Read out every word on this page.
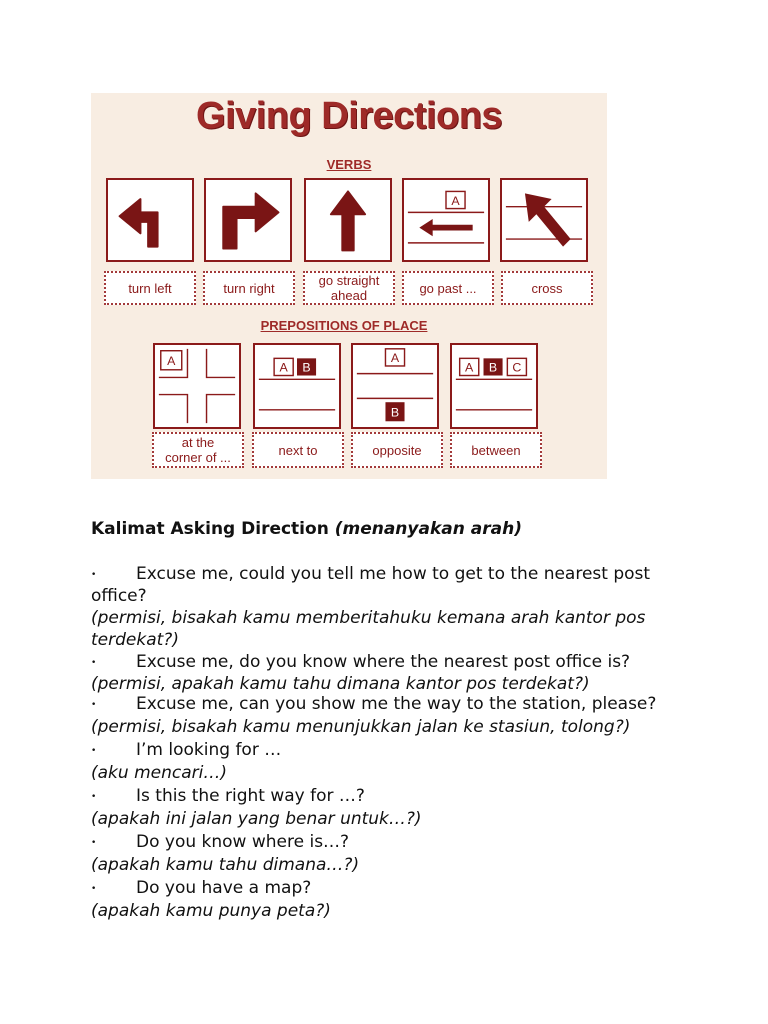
Giving Directions
VERBS
A
turn left	turn right	go straight
ahead	go past ...	cross
PREPOSITIONS OF PLACE
A	A B
A
B
A B C
at the
corner of ...	next to	opposite	between
Kalimat Asking Direction (menanyakan arah)
•	Excuse me, could you tell me how to get to the nearest post office?
(permisi, bisakah kamu memberitahuku kemana arah kantor pos terdekat?)
•	Excuse me, do you know where the nearest post office is?
(permisi, apakah kamu tahu dimana kantor pos terdekat?)
•	Excuse me, can you show me the way to the station, please?
(permisi, bisakah kamu menunjukkan jalan ke stasiun, tolong?)
•	I’m looking for …
(aku mencari…)
•	Is this the right way for …?
(apakah ini jalan yang benar untuk…?)
•	Do you know where is…?
(apakah kamu tahu dimana…?)
•	Do you have a map?
(apakah kamu punya peta?)
